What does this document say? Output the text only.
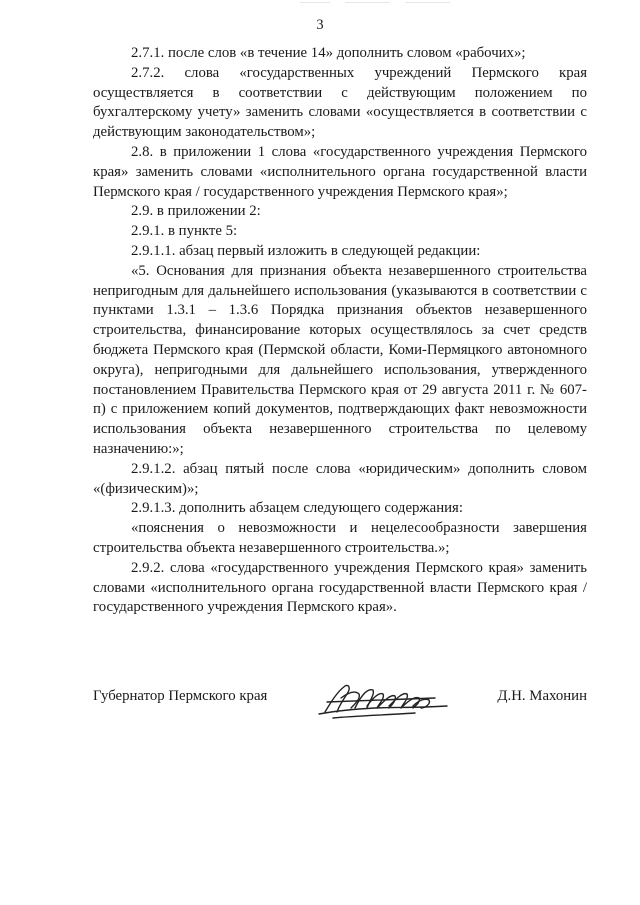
3

2.7.1. после слов «в течение 14» дополнить словом «рабочих»;

2.7.2. слова «государственных учреждений Пермского края осуществляется в соответствии с действующим положением по бухгалтерскому учету» заменить словами «осуществляется в соответствии с действующим законодательством»;

2.8. в приложении 1 слова «государственного учреждения Пермского края» заменить словами «исполнительного органа государственной власти Пермского края / государственного учреждения Пермского края»;

2.9. в приложении 2:

2.9.1. в пункте 5:

2.9.1.1. абзац первый изложить в следующей редакции:

«5. Основания для признания объекта незавершенного строительства непригодным для дальнейшего использования (указываются в соответствии с пунктами 1.3.1 – 1.3.6 Порядка признания объектов незавершенного строительства, финансирование которых осуществлялось за счет средств бюджета Пермского края (Пермской области, Коми-Пермяцкого автономного округа), непригодными для дальнейшего использования, утвержденного постановлением Правительства Пермского края от 29 августа 2011 г. № 607-п) с приложением копий документов, подтверждающих факт невозможности использования объекта незавершенного строительства по целевому назначению:»;

2.9.1.2. абзац пятый после слова «юридическим» дополнить словом «(физическим)»;

2.9.1.3. дополнить абзацем следующего содержания:

«пояснения о невозможности и нецелесообразности завершения строительства объекта незавершенного строительства.»;

2.9.2. слова «государственного учреждения Пермского края» заменить словами «исполнительного органа государственной власти Пермского края / государственного учреждения Пермского края».

Губернатор Пермского края	Д.Н. Махонин
